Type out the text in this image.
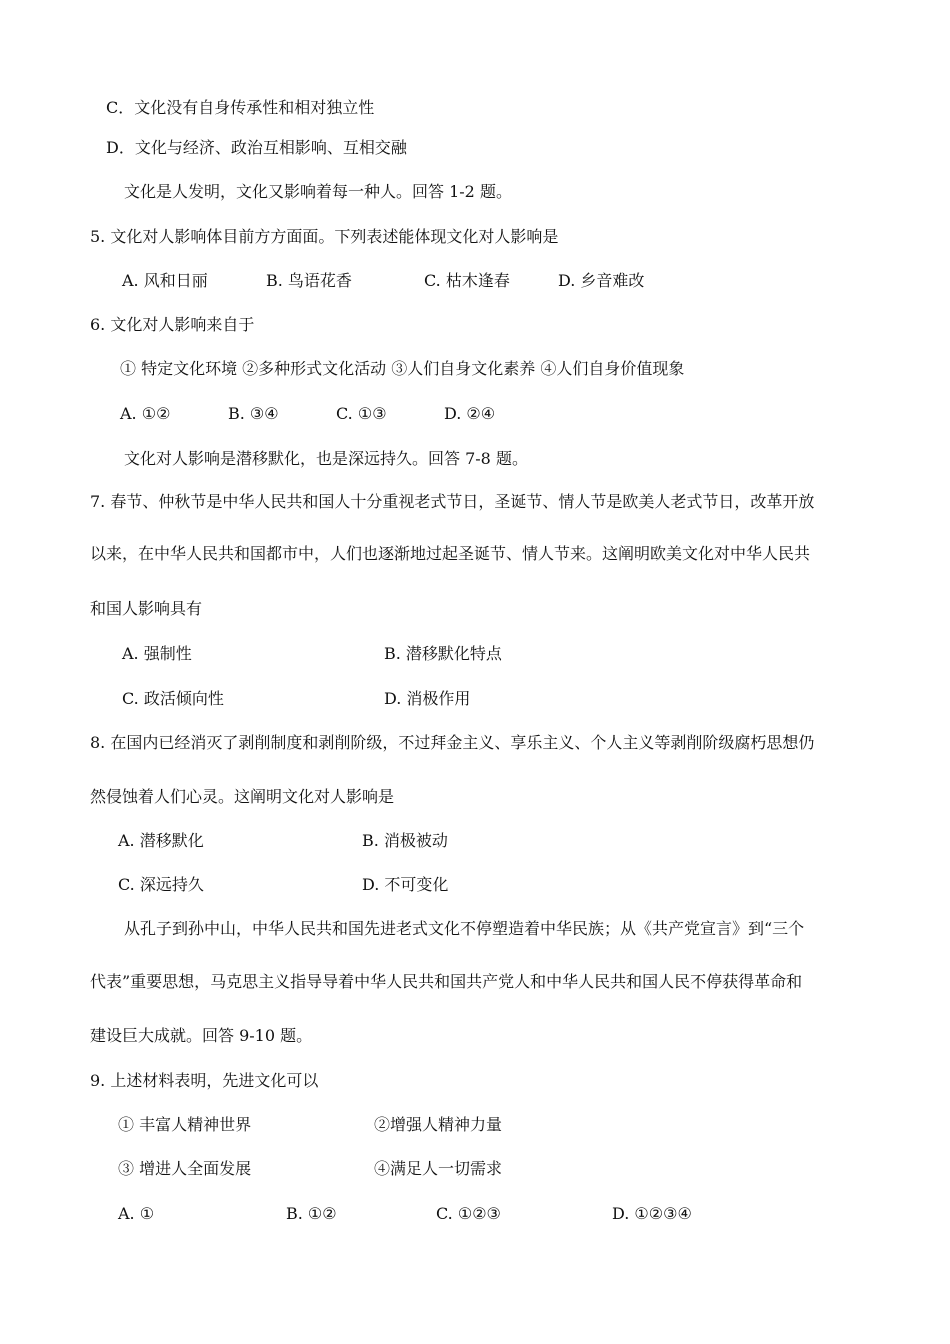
C．文化没有自身传承性和相对独立性
D．文化与经济、政治互相影响、互相交融
文化是人发明，文化又影响着每一种人。回答 1-2 题。
5. 文化对人影响体目前方方面面。下列表述能体现文化对人影响是
A. 风和日丽	B. 鸟语花香	C. 枯木逢春	D. 乡音难改
6. 文化对人影响来自于
① 特定文化环境 ②多种形式文化活动 ③人们自身文化素养 ④人们自身价值现象
A. ①②	B. ③④	C. ①③	D. ②④
文化对人影响是潜移默化，也是深远持久。回答 7-8 题。
7. 春节、仲秋节是中华人民共和国人十分重视老式节日，圣诞节、情人节是欧美人老式节日，改革开放
以来，在中华人民共和国都市中，人们也逐渐地过起圣诞节、情人节来。这阐明欧美文化对中华人民共
和国人影响具有
A. 强制性	B. 潜移默化特点
C. 政活倾向性	D. 消极作用
8. 在国内已经消灭了剥削制度和剥削阶级，不过拜金主义、享乐主义、个人主义等剥削阶级腐朽思想仍
然侵蚀着人们心灵。这阐明文化对人影响是
A. 潜移默化	B. 消极被动
C. 深远持久	D. 不可变化
从孔子到孙中山，中华人民共和国先进老式文化不停塑造着中华民族；从《共产党宣言》到“三个
代表”重要思想，马克思主义指导导着中华人民共和国共产党人和中华人民共和国人民不停获得革命和
建设巨大成就。回答 9-10 题。
9. 上述材料表明，先进文化可以
① 丰富人精神世界	②增强人精神力量
③ 增进人全面发展	④满足人一切需求
A. ①	B. ①②	C. ①②③	D. ①②③④
